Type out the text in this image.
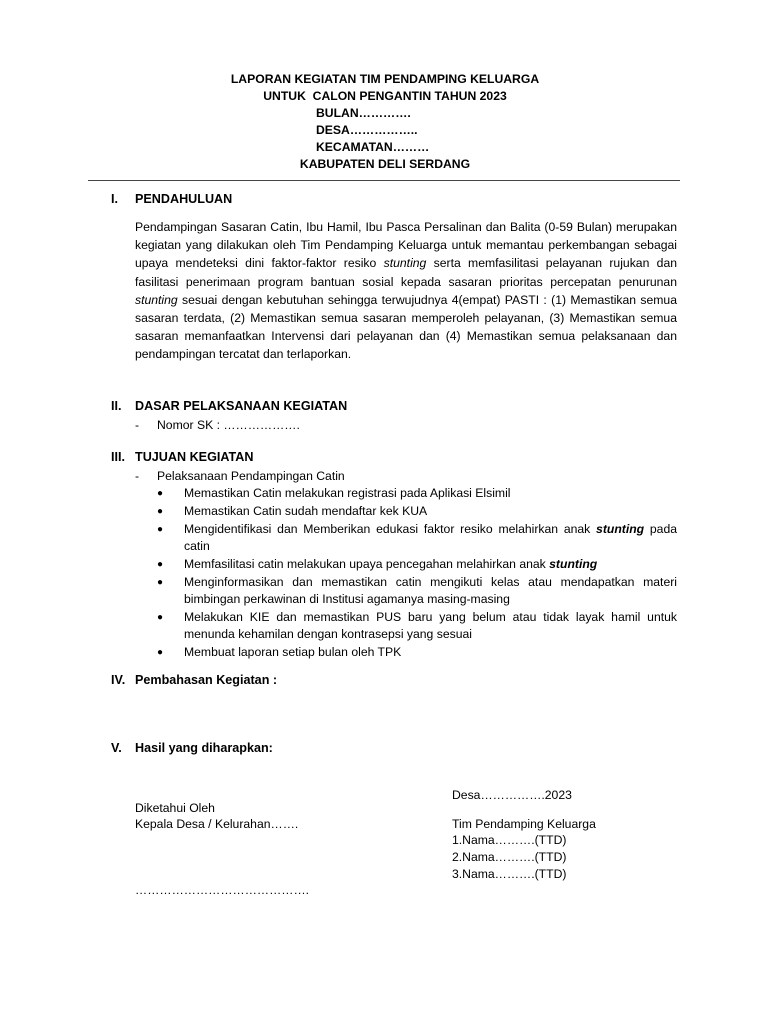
LAPORAN KEGIATAN TIM PENDAMPING KELUARGA
UNTUK  CALON PENGANTIN TAHUN 2023
BULAN………….
DESA……………..
KECAMATAN………
KABUPATEN DELI SERDANG
I. PENDAHULUAN

Pendampingan Sasaran Catin, Ibu Hamil, Ibu Pasca Persalinan dan Balita (0-59 Bulan) merupakan kegiatan yang dilakukan oleh Tim Pendamping Keluarga untuk memantau perkembangan sebagai upaya mendeteksi dini faktor-faktor resiko stunting serta memfasilitasi pelayanan rujukan dan fasilitasi penerimaan program bantuan sosial kepada sasaran prioritas percepatan penurunan stunting sesuai dengan kebutuhan sehingga terwujudnya 4(empat) PASTI : (1) Memastikan semua sasaran terdata, (2) Memastikan semua sasaran memperoleh pelayanan, (3) Memastikan semua sasaran memanfaatkan Intervensi dari pelayanan dan (4) Memastikan semua pelaksanaan dan pendampingan tercatat dan terlaporkan.

II. DASAR PELAKSANAAN KEGIATAN
- Nomor SK : ……………….
III. TUJUAN KEGIATAN
- Pelaksanaan Pendampingan Catin
● Memastikan Catin melakukan registrasi pada Aplikasi Elsimil
● Memastikan Catin sudah mendaftar kek KUA
● Mengidentifikasi dan Memberikan edukasi faktor resiko melahirkan anak stunting pada catin
● Memfasilitasi catin melakukan upaya pencegahan melahirkan anak stunting
● Menginformasikan dan memastikan catin mengikuti kelas atau mendapatkan materi bimbingan perkawinan di Institusi agamanya masing-masing
● Melakukan KIE dan memastikan PUS baru yang belum atau tidak layak hamil untuk menunda kehamilan dengan kontrasepsi yang sesuai
● Membuat laporan setiap bulan oleh TPK
IV. Pembahasan Kegiatan :
V. Hasil yang diharapkan:
Desa…………….2023
Diketahui Oleh
Kepala Desa / Kelurahan…….	Tim Pendamping Keluarga
1.Nama……….(TTD)
2.Nama……….(TTD)
3.Nama……….(TTD)
…………………………………….
